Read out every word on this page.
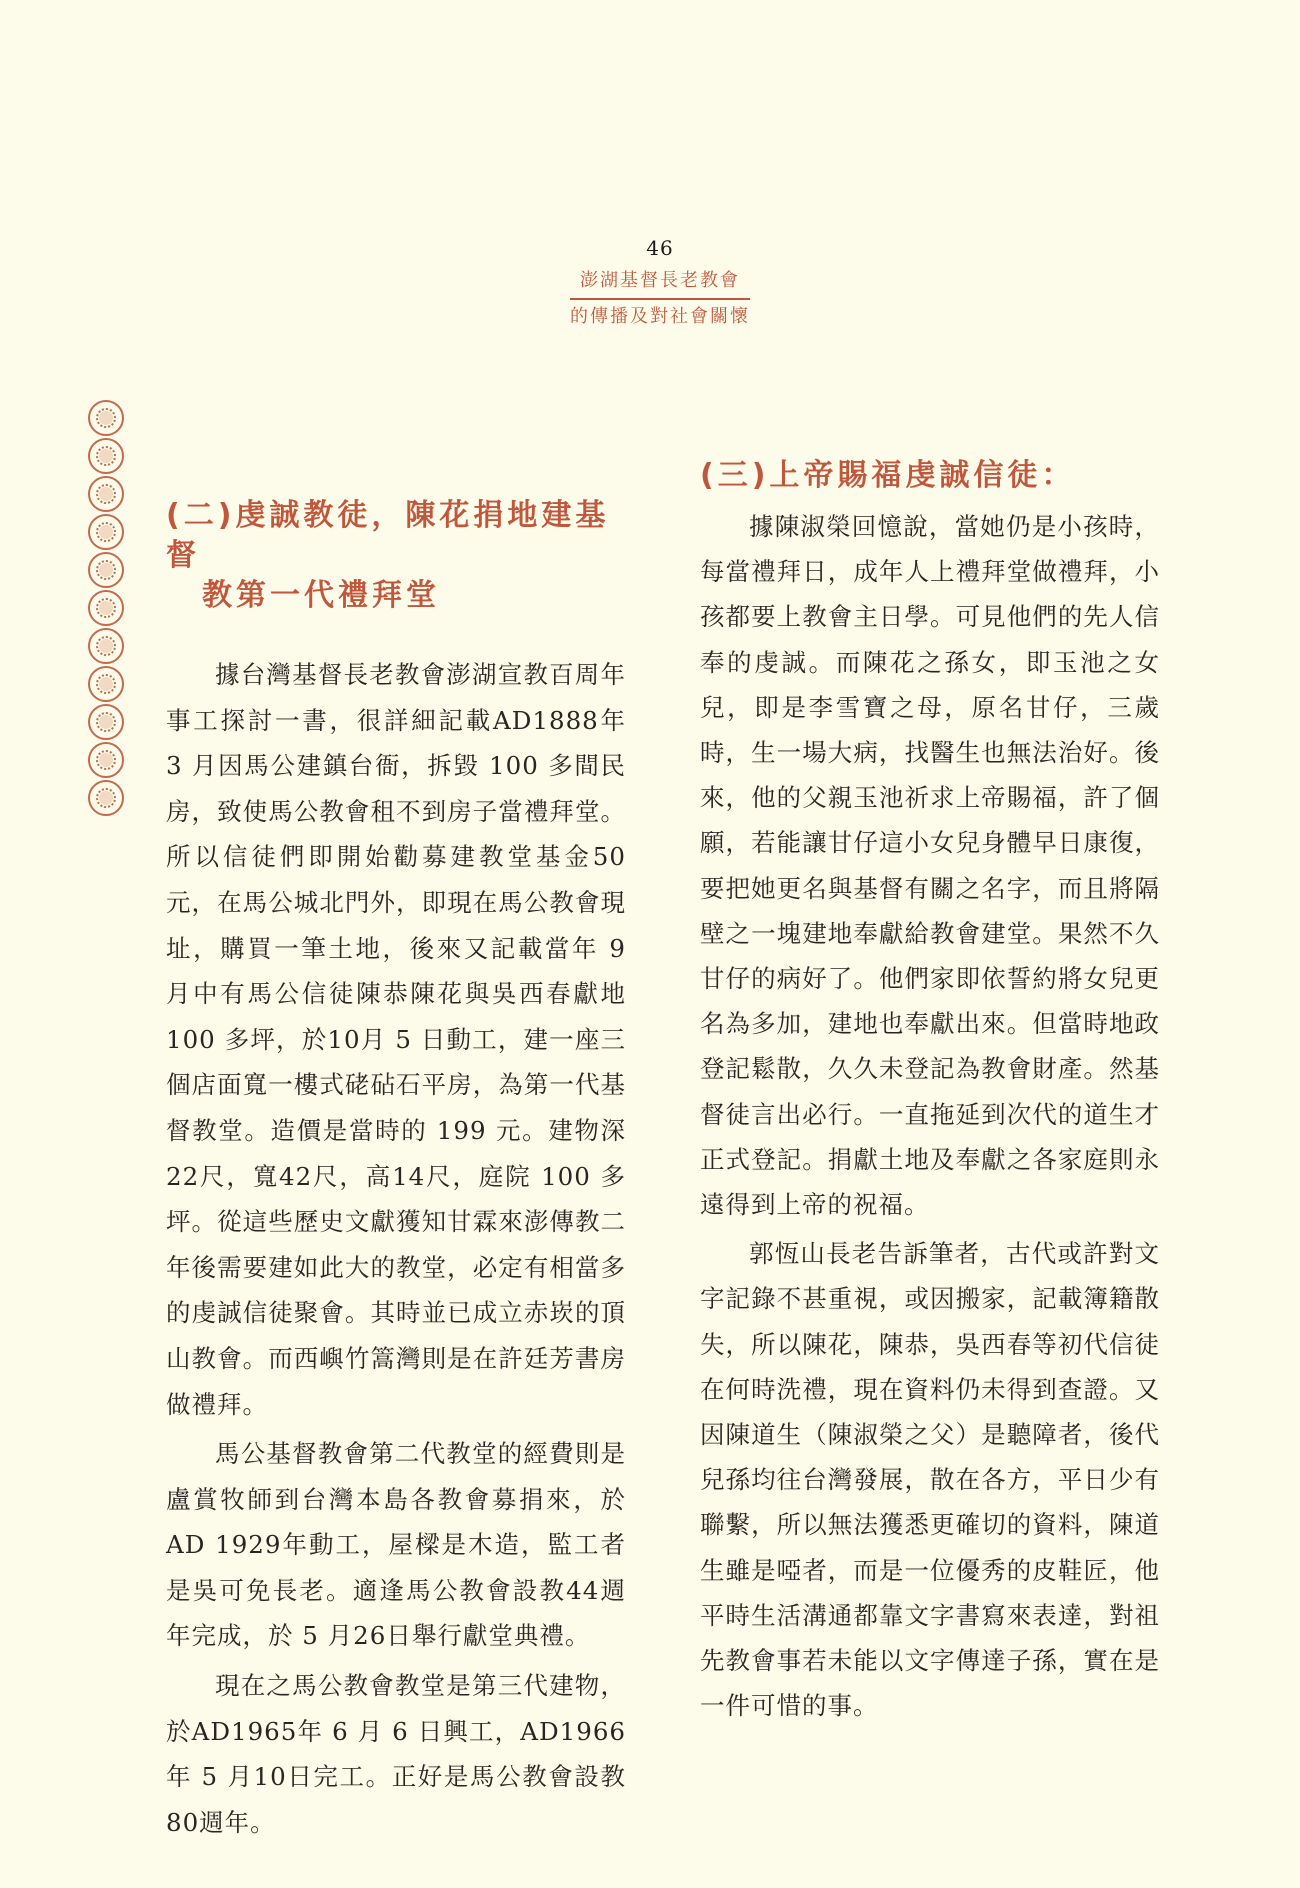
46
澎湖基督長老教會
的傳播及對社會關懷
(二)虔誠教徒，陳花捐地建基督
教第一代禮拜堂

據台灣基督長老教會澎湖宣教百周年事工探討一書，很詳細記載AD1888年 3 月因馬公建鎮台衙，拆毀 100 多間民房，致使馬公教會租不到房子當禮拜堂。所以信徒們即開始勸募建教堂基金50元，在馬公城北門外，即現在馬公教會現址，購買一筆土地，後來又記載當年 9 月中有馬公信徒陳恭陳花與吳西春獻地 100 多坪，於10月 5 日動工，建一座三個店面寬一樓式硓砧石平房，為第一代基督教堂。造價是當時的 199 元。建物深22尺，寬42尺，高14尺，庭院 100 多坪。從這些歷史文獻獲知甘霖來澎傳教二年後需要建如此大的教堂，必定有相當多的虔誠信徒聚會。其時並已成立赤崁的頂山教會。而西嶼竹篙灣則是在許廷芳書房做禮拜。

馬公基督教會第二代教堂的經費則是盧賞牧師到台灣本島各教會募捐來，於AD 1929年動工，屋樑是木造，監工者是吳可免長老。適逢馬公教會設教44週年完成，於 5 月26日舉行獻堂典禮。

現在之馬公教會教堂是第三代建物，於AD1965年 6 月 6 日興工，AD1966年 5 月10日完工。正好是馬公教會設教80週年。

(三)上帝賜福虔誠信徒：

據陳淑榮回憶說，當她仍是小孩時，每當禮拜日，成年人上禮拜堂做禮拜，小孩都要上教會主日學。可見他們的先人信奉的虔誠。而陳花之孫女，即玉池之女兒，即是李雪寶之母，原名甘仔，三歲時，生一場大病，找醫生也無法治好。後來，他的父親玉池祈求上帝賜福，許了個願，若能讓甘仔這小女兒身體早日康復，要把她更名與基督有關之名字，而且將隔壁之一塊建地奉獻給教會建堂。果然不久甘仔的病好了。他們家即依誓約將女兒更名為多加，建地也奉獻出來。但當時地政登記鬆散，久久未登記為教會財產。然基督徒言出必行。一直拖延到次代的道生才正式登記。捐獻土地及奉獻之各家庭則永遠得到上帝的祝福。

郭恆山長老告訴筆者，古代或許對文字記錄不甚重視，或因搬家，記載簿籍散失，所以陳花，陳恭，吳西春等初代信徒在何時洗禮，現在資料仍未得到查證。又因陳道生（陳淑榮之父）是聽障者，後代兒孫均往台灣發展，散在各方，平日少有聯繫，所以無法獲悉更確切的資料，陳道生雖是啞者，而是一位優秀的皮鞋匠，他平時生活溝通都靠文字書寫來表達，對祖先教會事若未能以文字傳達子孫，實在是一件可惜的事。
